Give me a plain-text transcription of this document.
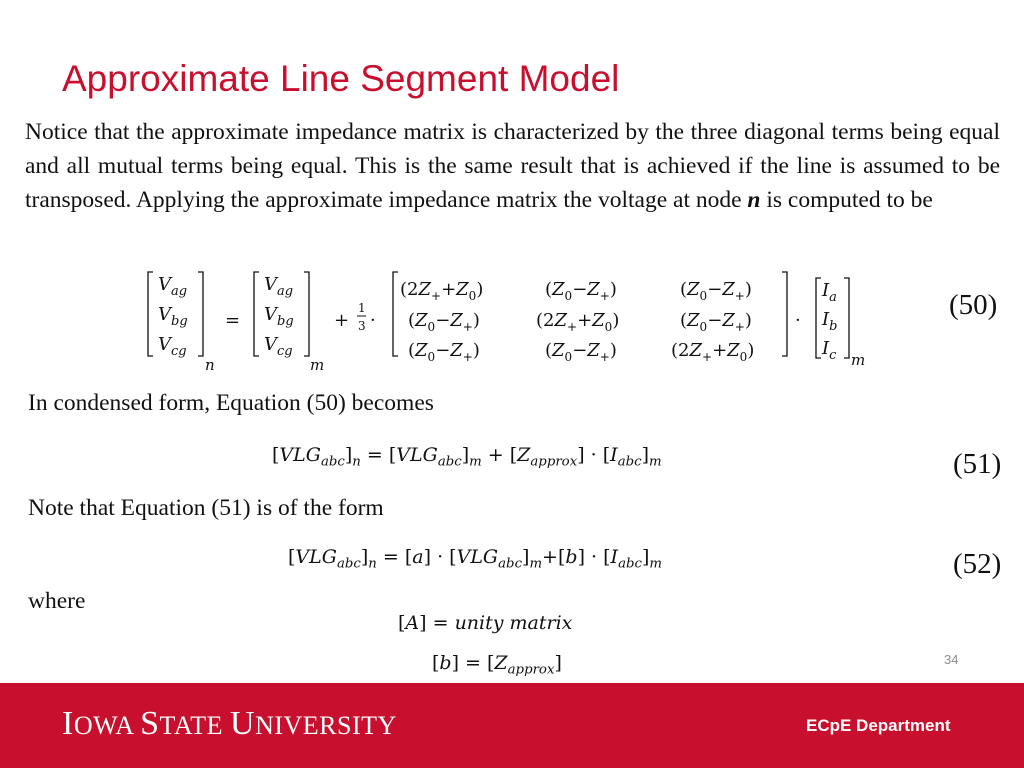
Approximate Line Segment Model
Notice that the approximate impedance matrix is characterized by the three diagonal terms being equal and all mutual terms being equal. This is the same result that is achieved if the line is assumed to be transposed. Applying the approximate impedance matrix the voltage at node n is computed to be
$V_{ag}$
$V_{bg}$
$V_{cg}$
n
=
$V_{ag}$
$V_{bg}$
$V_{cg}$
m
+
1
3 ·
$(2Z_++Z_0)$	$(Z_0-Z_+)$	$(Z_0-Z_+)$
$(Z_0-Z_+)$	$(2Z_++Z_0)$	$(Z_0-Z_+)$
$(Z_0-Z_+)$	$(Z_0-Z_+)$	$(2Z_++Z_0)$
·
$I_a$
$I_b$
$I_c$ m
(50)
In condensed form, Equation (50) becomes
$[VLG_{abc}]_n = [VLG_{abc}]_m + [Z_{approx}] \cdot [I_{abc}]_m$	(51)
Note that Equation (51) is of the form
$[VLG_{abc}]_n = [a] \cdot [VLG_{abc}]_m+[b] \cdot [I_{abc}]_m$	(52)
where
[A] = unity matrix
$[b] = [Z_{approx}]$	34
IOWA STATE UNIVERSITY	ECpE Department
